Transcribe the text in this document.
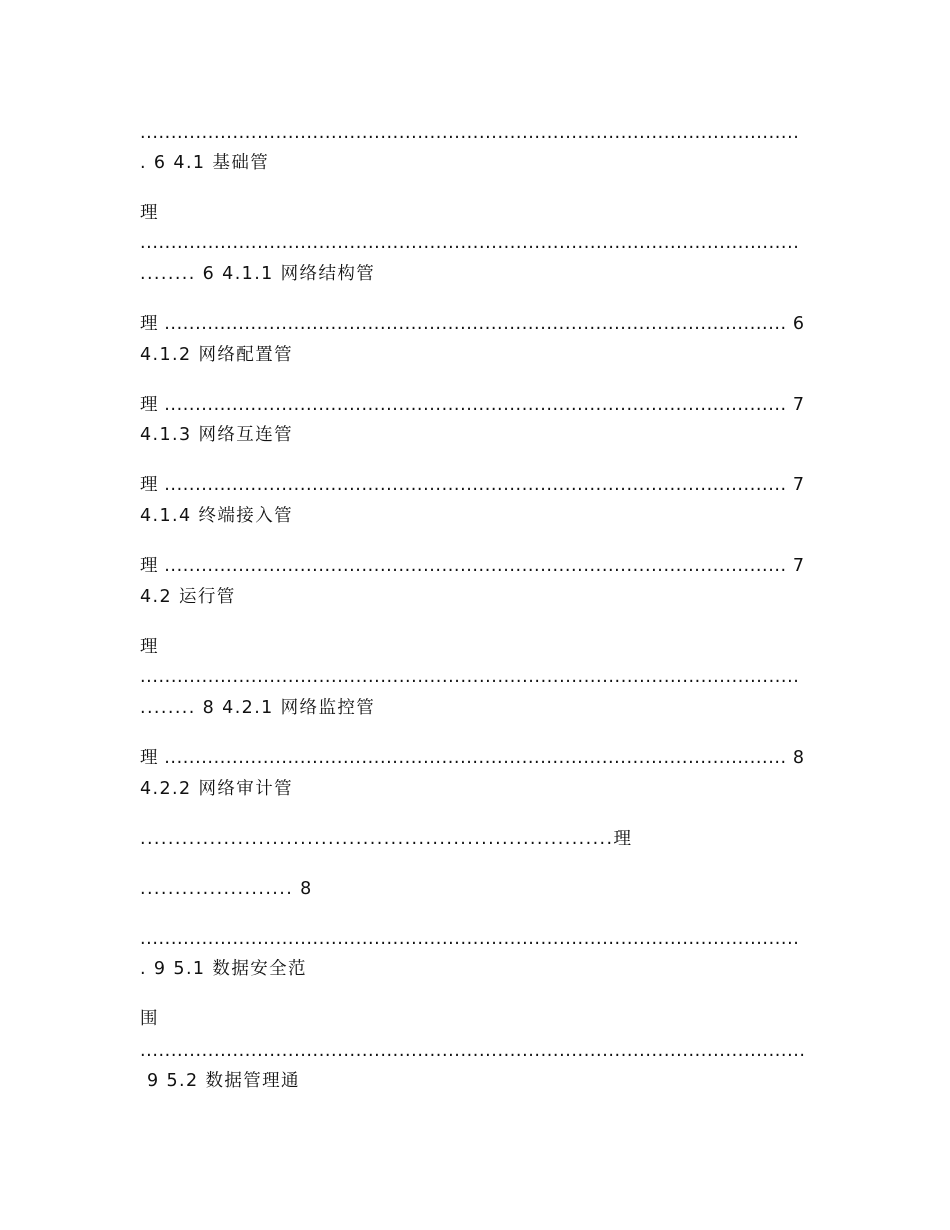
...........................................................................................................
. 6 4.1 基础管
理
...........................................................................................................
........ 6 4.1.1 网络结构管
理 ..................................................................................................... 6
4.1.2 网络配置管
理 ..................................................................................................... 7
4.1.3 网络互连管
理 ..................................................................................................... 7
4.1.4 终端接入管
理 ..................................................................................................... 7
4.2 运行管
理
...........................................................................................................
........ 8 4.2.1 网络监控管
理 ..................................................................................................... 8
4.2.2 网络审计管
....................................................................理
...................... 8
...........................................................................................................
. 9 5.1 数据安全范
围
............................................................................................................
9 5.2 数据管理通
